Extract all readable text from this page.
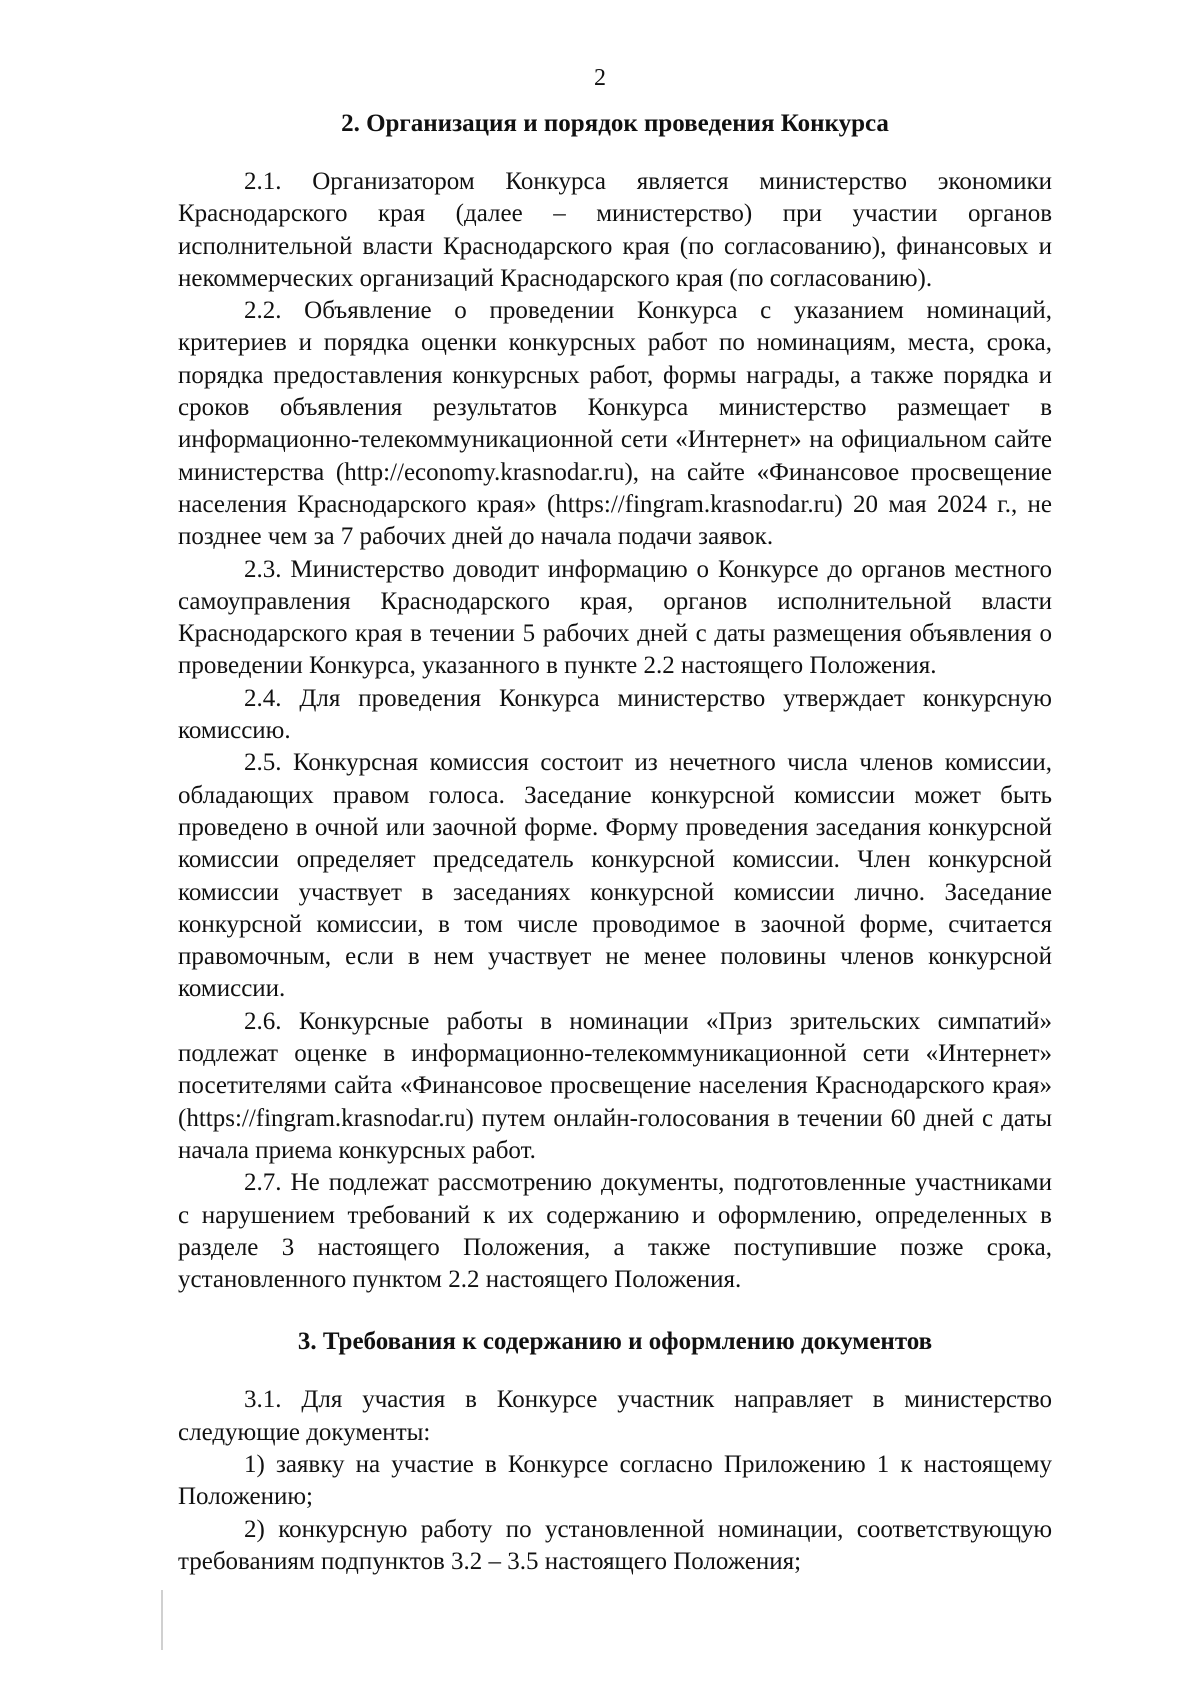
2
2. Организация и порядок проведения Конкурса

2.1. Организатором Конкурса является министерство экономики Краснодарского края (далее – министерство) при участии органов исполнительной власти Краснодарского края (по согласованию), финансовых и некоммерческих организаций Краснодарского края (по согласованию).

2.2. Объявление о проведении Конкурса с указанием номинаций, критериев и порядка оценки конкурсных работ по номинациям, места, срока, порядка предоставления конкурсных работ, формы награды, а также порядка и сроков объявления результатов Конкурса министерство размещает в информационно-телекоммуникационной сети «Интернет» на официальном сайте министерства (http://economy.krasnodar.ru), на сайте «Финансовое просвещение населения Краснодарского края» (https://fingram.krasnodar.ru) 20 мая 2024 г., не позднее чем за 7 рабочих дней до начала подачи заявок.

2.3. Министерство доводит информацию о Конкурсе до органов местного самоуправления Краснодарского края, органов исполнительной власти Краснодарского края в течении 5 рабочих дней с даты размещения объявления о проведении Конкурса, указанного в пункте 2.2 настоящего Положения.

2.4. Для проведения Конкурса министерство утверждает конкурсную комиссию.

2.5. Конкурсная комиссия состоит из нечетного числа членов комиссии, обладающих правом голоса. Заседание конкурсной комиссии может быть проведено в очной или заочной форме. Форму проведения заседания конкурсной комиссии определяет председатель конкурсной комиссии. Член конкурсной комиссии участвует в заседаниях конкурсной комиссии лично. Заседание конкурсной комиссии, в том числе проводимое в заочной форме, считается правомочным, если в нем участвует не менее половины членов конкурсной комиссии.

2.6. Конкурсные работы в номинации «Приз зрительских симпатий» подлежат оценке в информационно-телекоммуникационной сети «Интернет» посетителями сайта «Финансовое просвещение населения Краснодарского края» (https://fingram.krasnodar.ru) путем онлайн-голосования в течении 60 дней с даты начала приема конкурсных работ.

2.7. Не подлежат рассмотрению документы, подготовленные участниками с нарушением требований к их содержанию и оформлению, определенных в разделе 3 настоящего Положения, а также поступившие позже срока, установленного пунктом 2.2 настоящего Положения.

3. Требования к содержанию и оформлению документов

3.1. Для участия в Конкурсе участник направляет в министерство следующие документы:

1) заявку на участие в Конкурсе согласно Приложению 1 к настоящему Положению;

2) конкурсную работу по установленной номинации, соответствующую требованиям подпунктов 3.2 – 3.5 настоящего Положения;
